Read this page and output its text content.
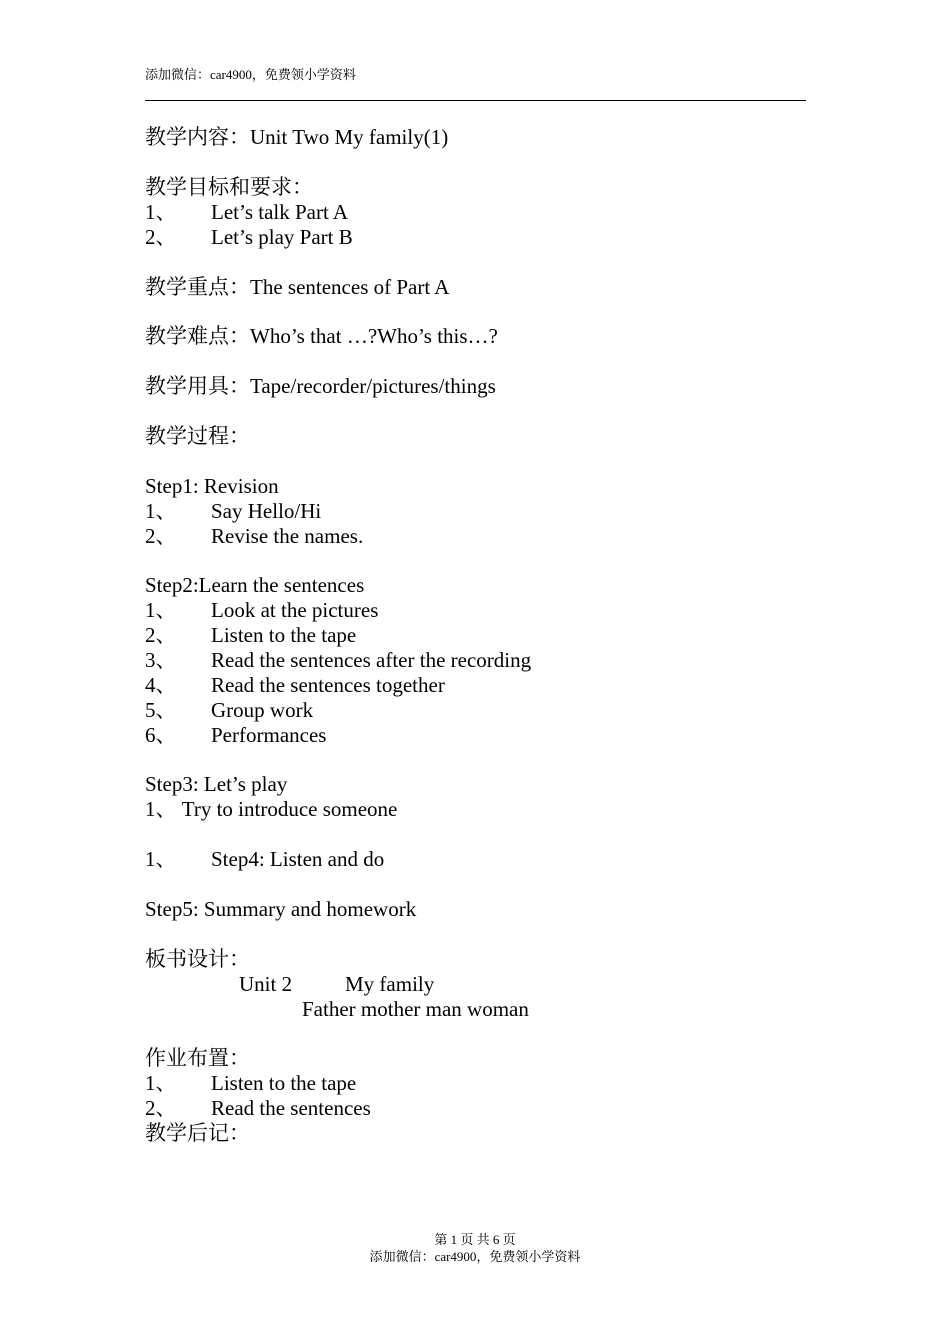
添加微信：car4900，免费领小学资料
教学内容：Unit Two My family(1)
教学目标和要求：
1、 Let’s talk Part A
2、 Let’s play Part B
教学重点：The sentences of Part A
教学难点：Who’s that …?Who’s this…?
教学用具：Tape/recorder/pictures/things
教学过程：
Step1: Revision
1、 Say Hello/Hi
2、 Revise the names.
Step2:Learn the sentences
1、 Look at the pictures
2、 Listen to the tape
3、 Read the sentences after the recording
4、 Read the sentences together
5、 Group work
6、 Performances
Step3: Let’s play
1、 Try to introduce someone
1、 Step4: Listen and do
Step5: Summary and homework
板书设计：
Unit 2	My family
Father mother man woman
作业布置：
1、 Listen to the tape
2、 Read the sentences
教学后记：
第 1 页 共 6 页
添加微信：car4900，免费领小学资料
